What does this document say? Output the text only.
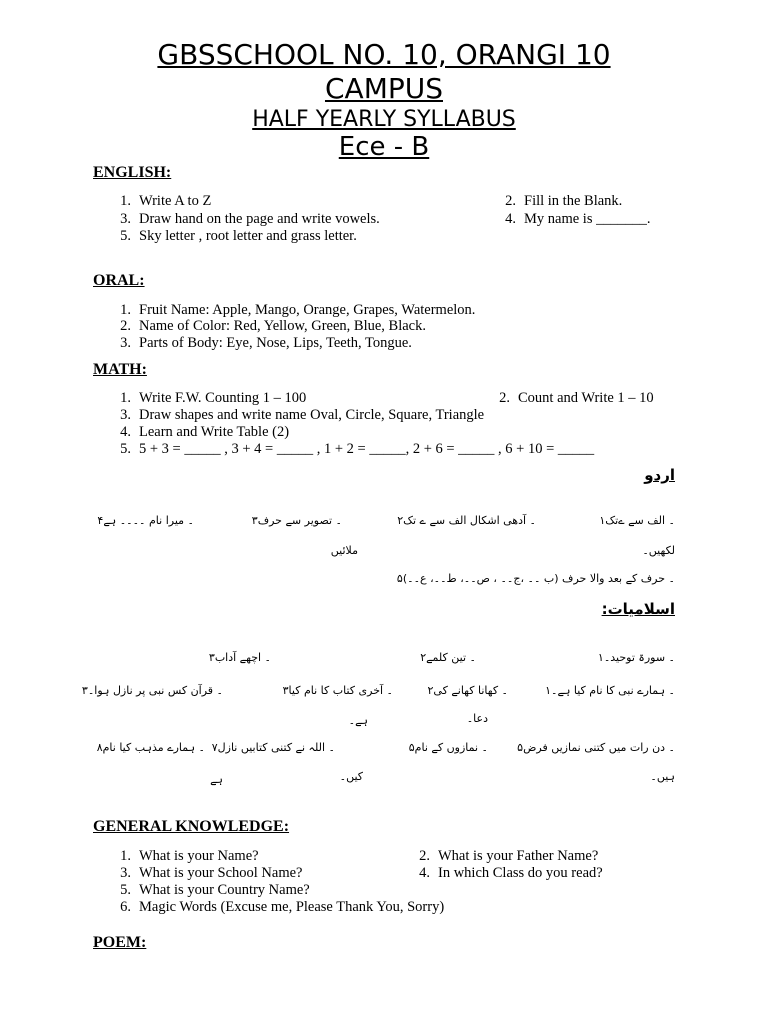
GBSSCHOOL NO. 10, ORANGI 10
CAMPUS
HALF YEARLY SYLLABUS
Ece - B
ENGLISH:
1. Write A to Z	2. Fill in the Blank.
3. Draw hand on the page and write vowels.	4. My name is _______.
5. Sky letter , root letter and grass letter.
ORAL:
1. Fruit Name: Apple, Mango, Orange, Grapes, Watermelon.
2. Name of Color: Red, Yellow, Green, Blue, Black.
3. Parts of Body: Eye, Nose, Lips, Teeth, Tongue.
MATH:
1. Write F.W. Counting 1 – 100	2. Count and Write 1 – 10
3. Draw shapes and write name Oval, Circle, Square, Triangle
4. Learn and Write Table (2)
5. 5 + 3 = _____ , 3 + 4 = _____ , 1 + 2 = _____, 2 + 6 = _____ , 6 + 10 = _____
اردو
۔ الف سے ےتک۱
۔ آدھی اشکال الف سے ے تک۲
۔ تصویر سے حرف۳
۔ میرا نام ۔۔۔۔ ہے۴
لکھیں۔
ملائیں
۔ حرف کے بعد والا حرف (ب ۔۔ ،ج۔۔ ، ص۔۔، ط۔۔، ع۔۔)۵
اسلامیات:
۔ سورۃ توحید۔۱
۔ تین کلمے۲
۔ اچھے آداب۳
۔ ہمارے نبی کا نام کیا ہے۔۱
۔ کھانا کھانے کی۲
۔ آخری کتاب کا نام کیا۳
۔ قرآن کس نبی پر نازل ہوا۔۳
دعا۔
ہے۔
۔ دن رات میں کتنی نمازیں فرض۵
۔ نمازوں کے نام۵
۔ اللہ نے کتنی کتابیں نازل۷
۔ ہمارے مذہب کیا نام۸
ہیں۔
کیں۔
ہے
GENERAL KNOWLEDGE:
1. What is your Name?	2. What is your Father Name?
3. What is your School Name?	4. In which Class do you read?
5. What is your Country Name?
6. Magic Words (Excuse me, Please Thank You, Sorry)
POEM:
